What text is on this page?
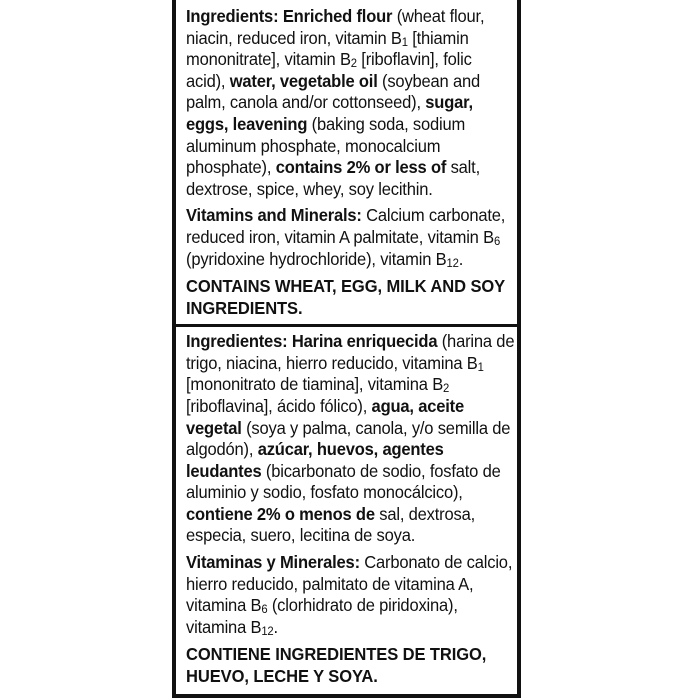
Ingredients: Enriched flour (wheat flour, niacin, reduced iron, vitamin $B_1$ [thiamin mononitrate], vitamin $B_2$ [riboflavin], folic acid), water, vegetable oil (soybean and palm, canola and/or cottonseed), sugar, eggs, leavening (baking soda, sodium aluminum phosphate, monocalcium phosphate), contains 2% or less of salt, dextrose, spice, whey, soy lecithin.

Vitamins and Minerals: Calcium carbonate, reduced iron, vitamin A palmitate, vitamin $B_6$ (pyridoxine hydrochloride), vitamin $B_{12}$.

CONTAINS WHEAT, EGG, MILK AND SOY INGREDIENTS.

Ingredientes: Harina enriquecida (harina de trigo, niacina, hierro reducido, vitamina $B_1$ [mononitrato de tiamina], vitamina $B_2$ [riboflavina], ácido fólico), agua, aceite vegetal (soya y palma, canola, y/o semilla de algodón), azúcar, huevos, agentes leudantes (bicarbonato de sodio, fosfato de aluminio y sodio, fosfato monocálcico), contiene 2% o menos de sal, dextrosa, especia, suero, lecitina de soya.

Vitaminas y Minerales: Carbonato de calcio, hierro reducido, palmitato de vitamina A, vitamina $B_6$ (clorhidrato de piridoxina), vitamina $B_{12}$.

CONTIENE INGREDIENTES DE TRIGO, HUEVO, LECHE Y SOYA.
